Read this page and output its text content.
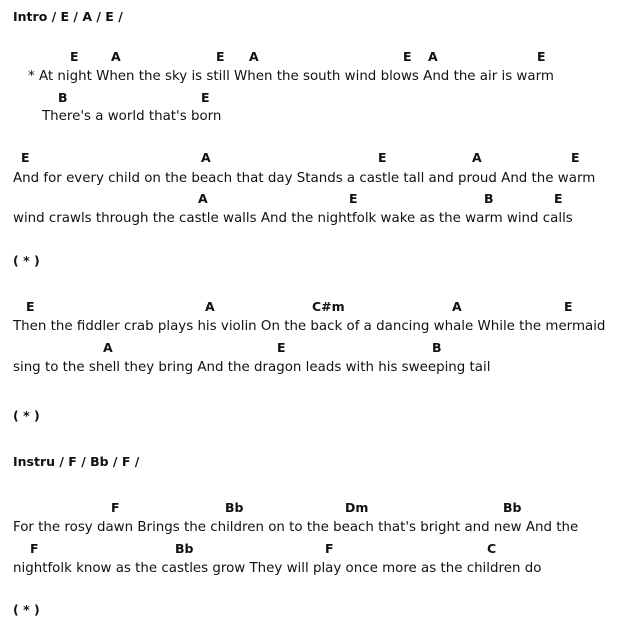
Intro / E / A / E /
E	A	E A	E A	E
* At night When the sky is still When the south wind blows And the air is warm
B	E
There's a world that's born
E	A	E	A	E
And for every child on the beach that day Stands a castle tall and proud And the warm
A	E	B	E
wind crawls through the castle walls And the nightfolk wake as the warm wind calls
( * )
E	A	C#m	A	E
Then the fiddler crab plays his violin On the back of a dancing whale While the mermaid
A	E	B
sing to the shell they bring And the dragon leads with his sweeping tail
( * )
Instru / F / Bb / F /
F	Bb	Dm	Bb
For the rosy dawn Brings the children on to the beach that's bright and new And the
F	Bb	F	C
nightfolk know as the castles grow They will play once more as the children do
( * )
